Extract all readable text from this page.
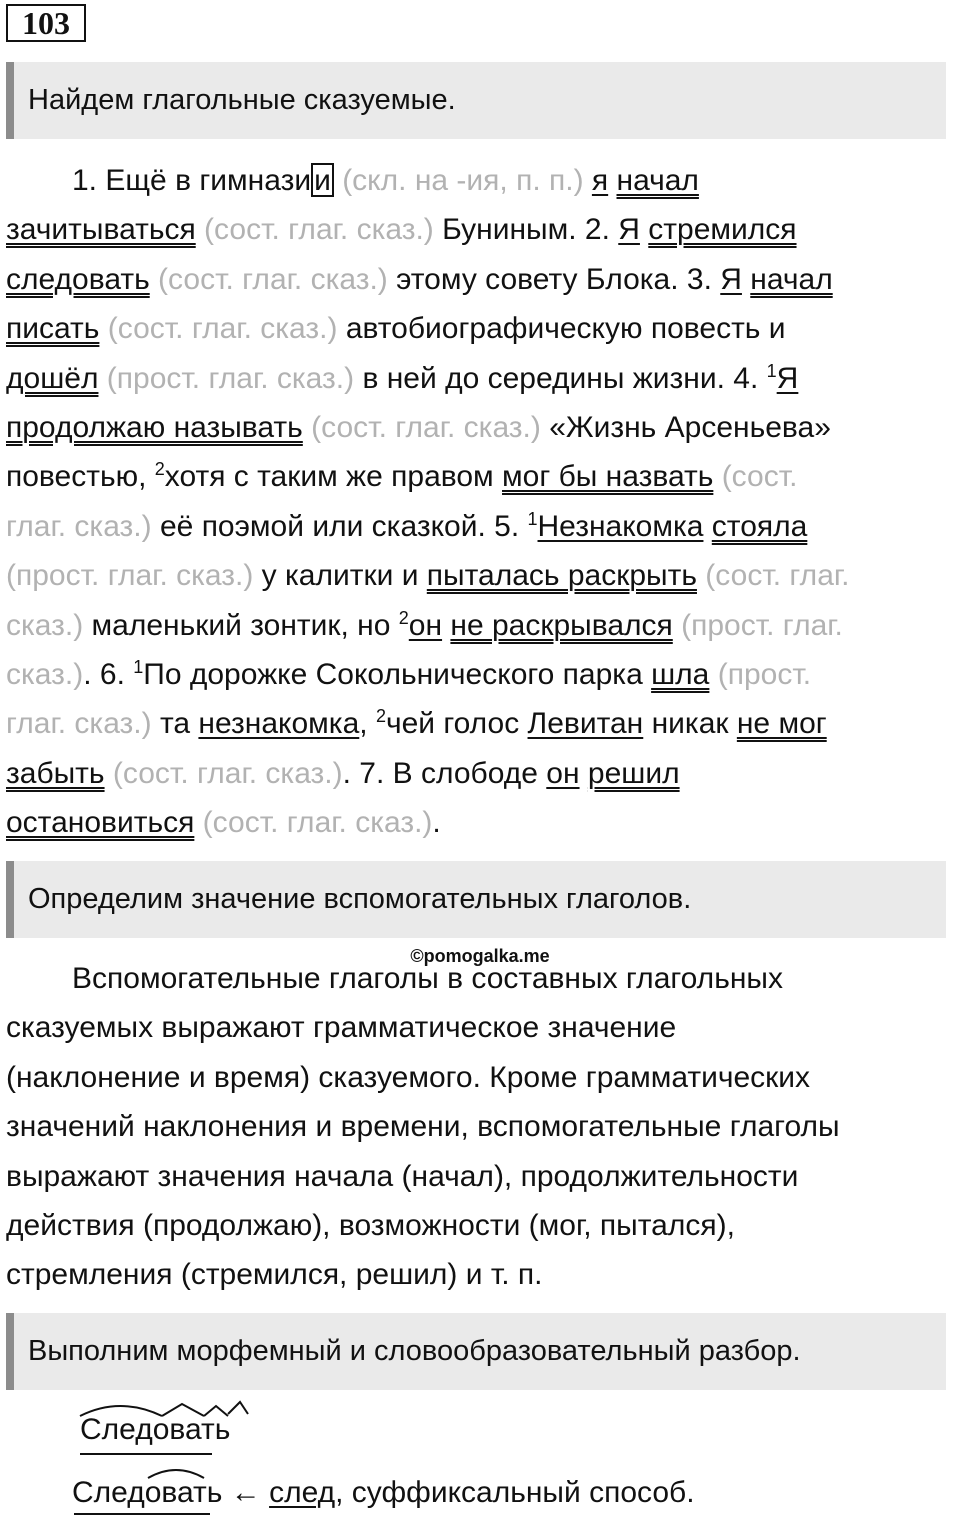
103
Найдем глагольные сказуемые.
1. Ещё в гимнази и (скл. на -ия, п. п.) я начал
зачитываться (сост. глаг. сказ.) Буниным. 2. Я стремился
следовать (сост. глаг. сказ.) этому совету Блока. 3. Я начал
писать (сост. глаг. сказ.) автобиографическую повесть и
дошёл (прост. глаг. сказ.) в ней до середины жизни. 4. $^1$Я
продолжаю называть (сост. глаг. сказ.) «Жизнь Арсеньева»
повестью, $^2$хотя с таким же правом мог бы назвать (сост.
глаг. сказ.) её поэмой или сказкой. 5. $^1$Незнакомка стояла
(прост. глаг. сказ.) у калитки и пыталась раскрыть (сост. глаг.
сказ.) маленький зонтик, но $^2$он не раскрывался (прост. глаг.
сказ.). 6. $^1$По дорожке Сокольнического парка шла (прост.
глаг. сказ.) та незнакомка, $^2$чей голос Левитан никак не мог
забыть (сост. глаг. сказ.). 7. В слободе он решил
остановиться (сост. глаг. сказ.).
Определим значение вспомогательных глаголов.
©pomogalka.me
Вспомогательные глаголы в составных глагольных
сказуемых выражают грамматическое значение
(наклонение и время) сказуемого. Кроме грамматических
значений наклонения и времени, вспомогательные глаголы
выражают значения начала (начал), продолжительности
действия (продолжаю), возможности (мог, пытался),
стремления (стремился, решил) и т. п.
Выполним морфемный и словообразовательный разбор.
Следовать
Следовать ← след, суффиксальный способ.
